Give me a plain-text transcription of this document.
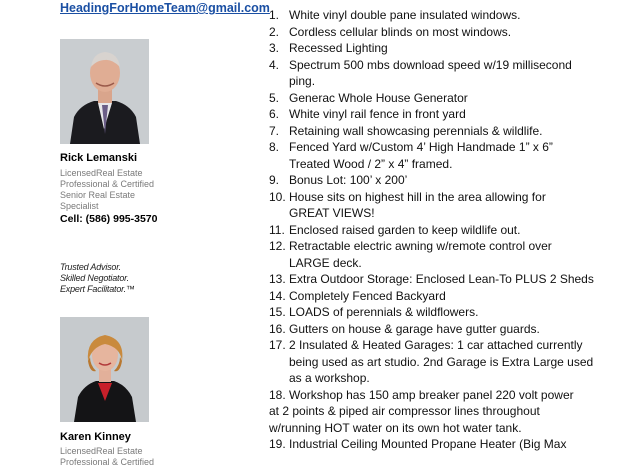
HeadingForHomeTeam@gmail.com
Rick Lemanski
LicensedReal Estate
Professional & Certified
Senior Real Estate
Specialist
Cell: (586) 995-3570
Trusted Advisor.
Skilled Negotiator.
Expert Facilitator.™
Karen Kinney
LicensedReal Estate
Professional & Certified
1. White vinyl double pane insulated windows.
2. Cordless cellular blinds on most windows.
3. Recessed Lighting
4. Spectrum 500 mbs download speed w/19 millisecond
ping.
5. Generac Whole House Generator
6. White vinyl rail fence in front yard
7. Retaining wall showcasing perennials & wildlife.
8. Fenced Yard w/Custom 4’ High Handmade 1” x 6”
Treated Wood / 2” x 4” framed.
9. Bonus Lot: 100’ x 200’
10. House sits on highest hill in the area allowing for
GREAT VIEWS!
11. Enclosed raised garden to keep wildlife out.
12. Retractable electric awning w/remote control over
LARGE deck.
13. Extra Outdoor Storage: Enclosed Lean-To PLUS 2 Sheds
14. Completely Fenced Backyard
15. LOADS of perennials & wildflowers.
16. Gutters on house & garage have gutter guards.
17. 2 Insulated & Heated Garages: 1 car attached currently
being used as art studio. 2nd Garage is Extra Large used
as a workshop.
18. Workshop has 150 amp breaker panel 220 volt power
at 2 points & piped air compressor lines throughout
w/running HOT water on its own hot water tank.
19. Industrial Ceiling Mounted Propane Heater (Big Max
